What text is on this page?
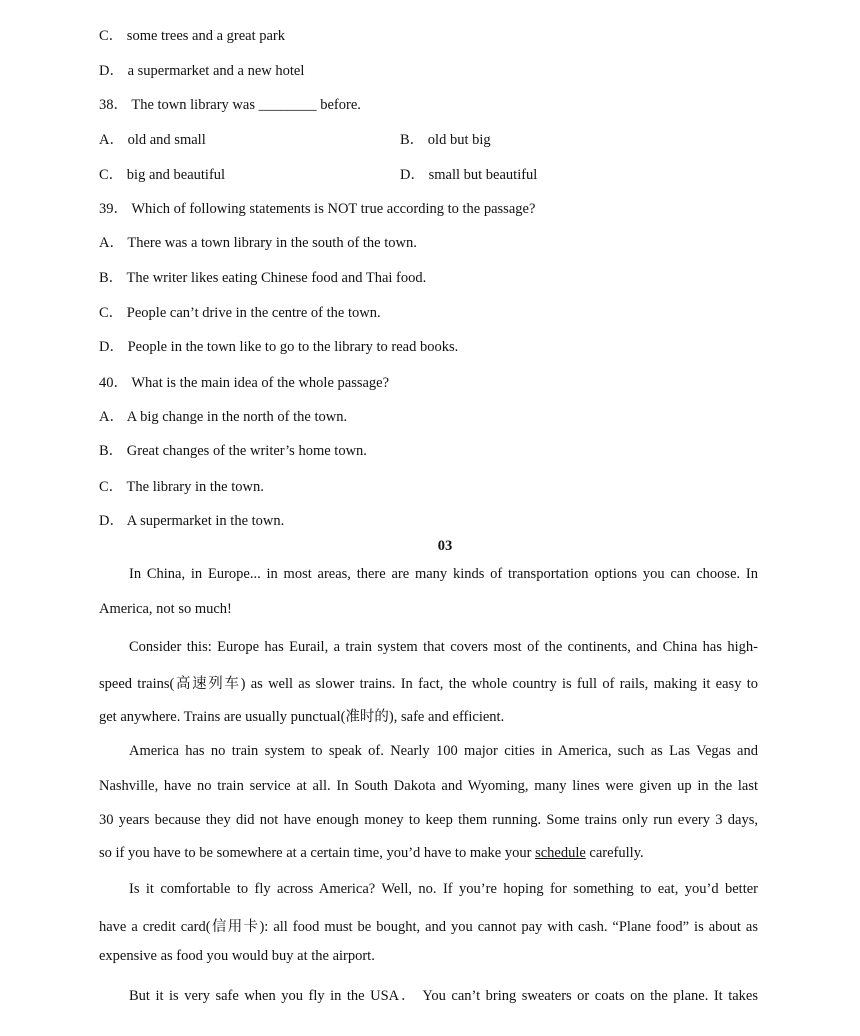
C． some trees and a great park
D． a supermarket and a new hotel
38． The town library was ________ before.
A． old and small	B． old but big
C． big and beautiful	D． small but beautiful
39． Which of following statements is NOT true according to the passage?
A． There was a town library in the south of the town.
B． The writer likes eating Chinese food and Thai food.
C． People can’t drive in the centre of the town.
D． People in the town like to go to the library to read books.
40． What is the main idea of the whole passage?
A． A big change in the north of the town.
B． Great changes of the writer’s home town.
C． The library in the town.
D． A supermarket in the town.
03
In China, in Europe... in most areas, there are many kinds of transportation options you can choose. In
America, not so much!
Consider this: Europe has Eurail, a train system that covers most of the continents, and China has high-
speed trains(高速列车) as well as slower trains. In fact, the whole country is full of rails, making it easy to
get anywhere. Trains are usually punctual(准时的), safe and efficient.
America has no train system to speak of. Nearly 100 major cities in America, such as Las Vegas and
Nashville, have no train service at all. In South Dakota and Wyoming, many lines were given up in the last
30 years because they did not have enough money to keep them running. Some trains only run every 3 days,
so if you have to be somewhere at a certain time, you’d have to make your schedule carefully.
Is it comfortable to fly across America? Well, no. If you’re hoping for something to eat, you’d better
have a credit card(信用卡): all food must be bought, and you cannot pay with cash. “Plane food” is about as
expensive as food you would buy at the airport.
But it is very safe when you fly in the USA． You can’t bring sweaters or coats on the plane. It takes
